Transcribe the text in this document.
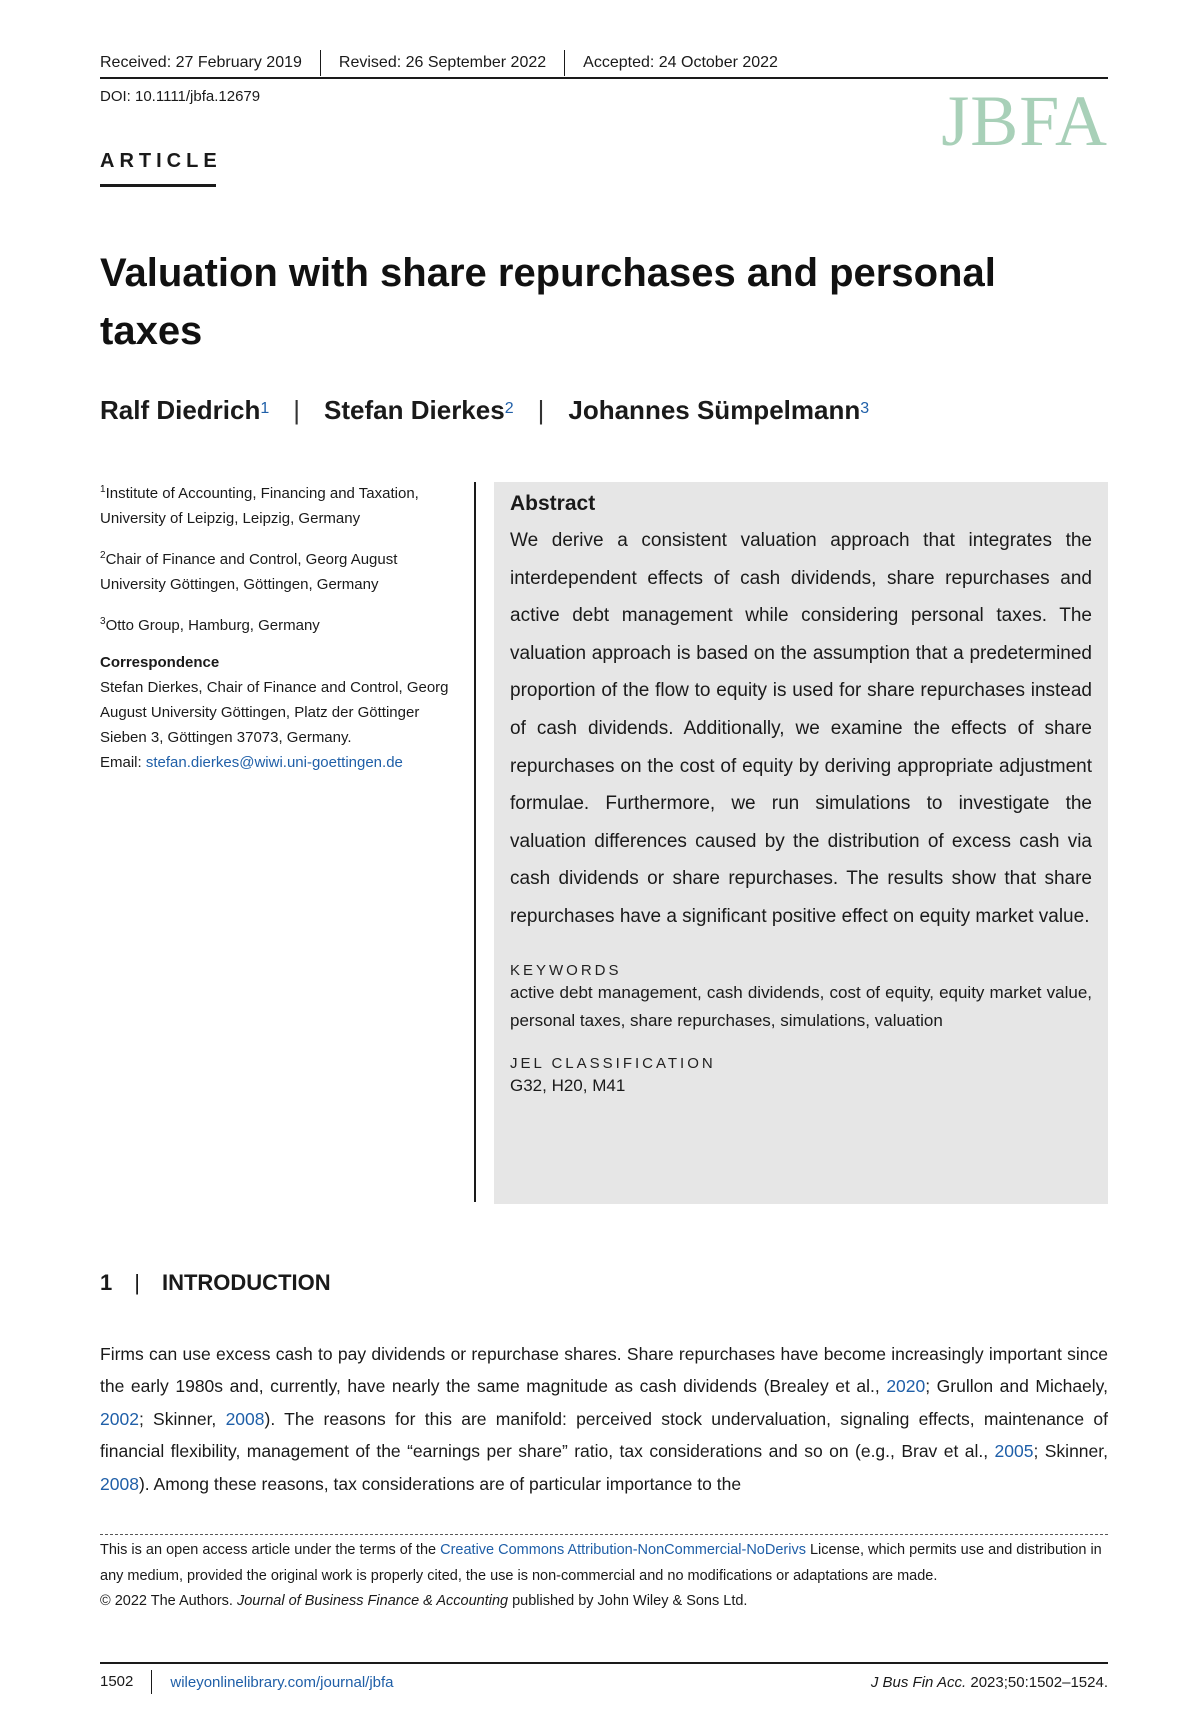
Received: 27 February 2019	Revised: 26 September 2022	Accepted: 24 October 2022
DOI: 10.1111/jbfa.12679	JBFA
ARTICLE
Valuation with share repurchases and personal taxes
Ralf Diedrich$^1$ | Stefan Dierkes$^2$ | Johannes Sümpelmann$^3$
$^1$Institute of Accounting, Financing and Taxation, University of Leipzig, Leipzig, Germany
$^2$Chair of Finance and Control, Georg August University Göttingen, Göttingen, Germany
$^3$Otto Group, Hamburg, Germany
Correspondence
Stefan Dierkes, Chair of Finance and Control, Georg August University Göttingen, Platz der Göttinger Sieben 3, Göttingen 37073, Germany.
Email: stefan.dierkes@wiwi.uni-goettingen.de
Abstract

We derive a consistent valuation approach that integrates the interdependent effects of cash dividends, share repurchases and active debt management while considering personal taxes. The valuation approach is based on the assumption that a predetermined proportion of the flow to equity is used for share repurchases instead of cash dividends. Additionally, we examine the effects of share repurchases on the cost of equity by deriving appropriate adjustment formulae. Furthermore, we run simulations to investigate the valuation differences caused by the distribution of excess cash via cash dividends or share repurchases. The results show that share repurchases have a significant positive effect on equity market value.

KEYWORDS
active debt management, cash dividends, cost of equity, equity market value, personal taxes, share repurchases, simulations, valuation
JEL CLASSIFICATION
G32, H20, M41
1 | INTRODUCTION

Firms can use excess cash to pay dividends or repurchase shares. Share repurchases have become increasingly important since the early 1980s and, currently, have nearly the same magnitude as cash dividends (Brealey et al., 2020; Grullon and Michaely, 2002; Skinner, 2008). The reasons for this are manifold: perceived stock undervaluation, signaling effects, maintenance of financial flexibility, management of the “earnings per share” ratio, tax considerations and so on (e.g., Brav et al., 2005; Skinner, 2008). Among these reasons, tax considerations are of particular importance to the

This is an open access article under the terms of the Creative Commons Attribution-NonCommercial-NoDerivs License, which permits use and distribution in any medium, provided the original work is properly cited, the use is non-commercial and no modifications or adaptations are made.
© 2022 The Authors. Journal of Business Finance & Accounting published by John Wiley & Sons Ltd.
1502	wileyonlinelibrary.com/journal/jbfa	J Bus Fin Acc. 2023;50:1502–1524.
